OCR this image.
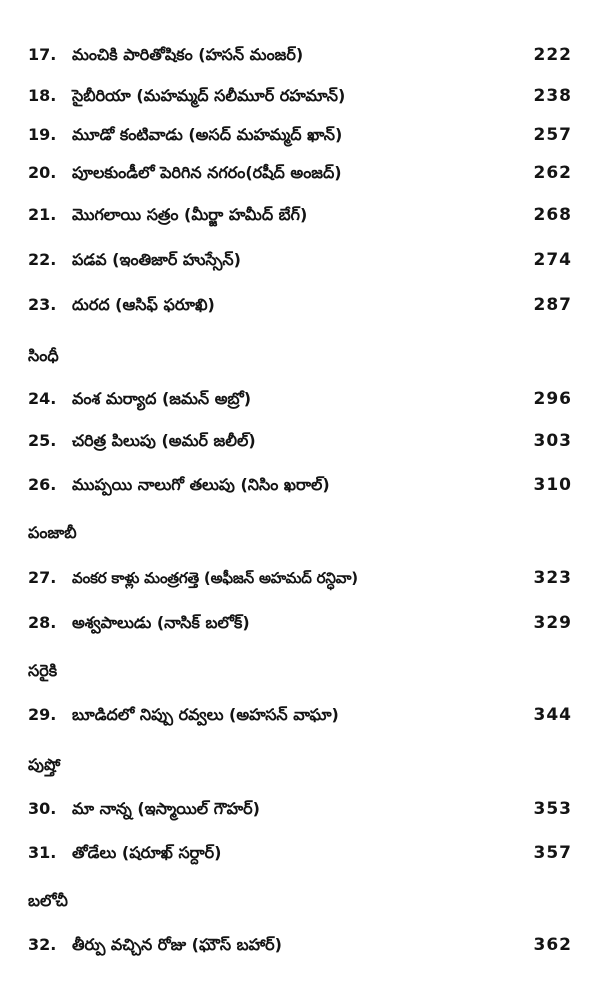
17. మంచికి పారితోషికం (హసన్ మంజర్)	222
18. సైబీరియా (మహమ్మద్ సలీమూర్ రహమాన్)	238
19. మూడో కంటివాడు (అసద్ మహమ్మద్ ఖాన్)	257
20. పూలకుండీలో పెరిగిన నగరం(రషీద్ అంజద్)	262
21. మొగలాయి సత్రం (మీర్జా హమీద్ బేగ్)	268
22. పడవ (ఇంతిజార్ హుస్సేన్)	274
23. దురద (ఆసిఫ్ ఫరూఖి)	287
సింధీ
24. వంశ మర్యాద (జమన్ అబ్రో)	296
25. చరిత్ర పిలుపు (అమర్ జలీల్)	303
26. ముప్పయి నాలుగో తలుపు (నిసిం ఖరాల్)	310
పంజాబీ
27. వంకర కాళ్లు మంత్రగత్తె (అఫీజన్ అహమద్ రన్ధివా)	323
28. అశ్వపాలుడు (నాసిక్ బలోక్)	329
సరైకి
29. బూడిదలో నిప్పు రవ్వలు (అహసన్ వాఘా)	344
పుష్తో
30. మా నాన్న (ఇస్మాయిల్ గౌహర్)	353
31. తోడేలు (షరూఖ్ సర్దార్)	357
బలోచీ
32. తీర్పు వచ్చిన రోజు (ఘౌస్ బహార్)	362
